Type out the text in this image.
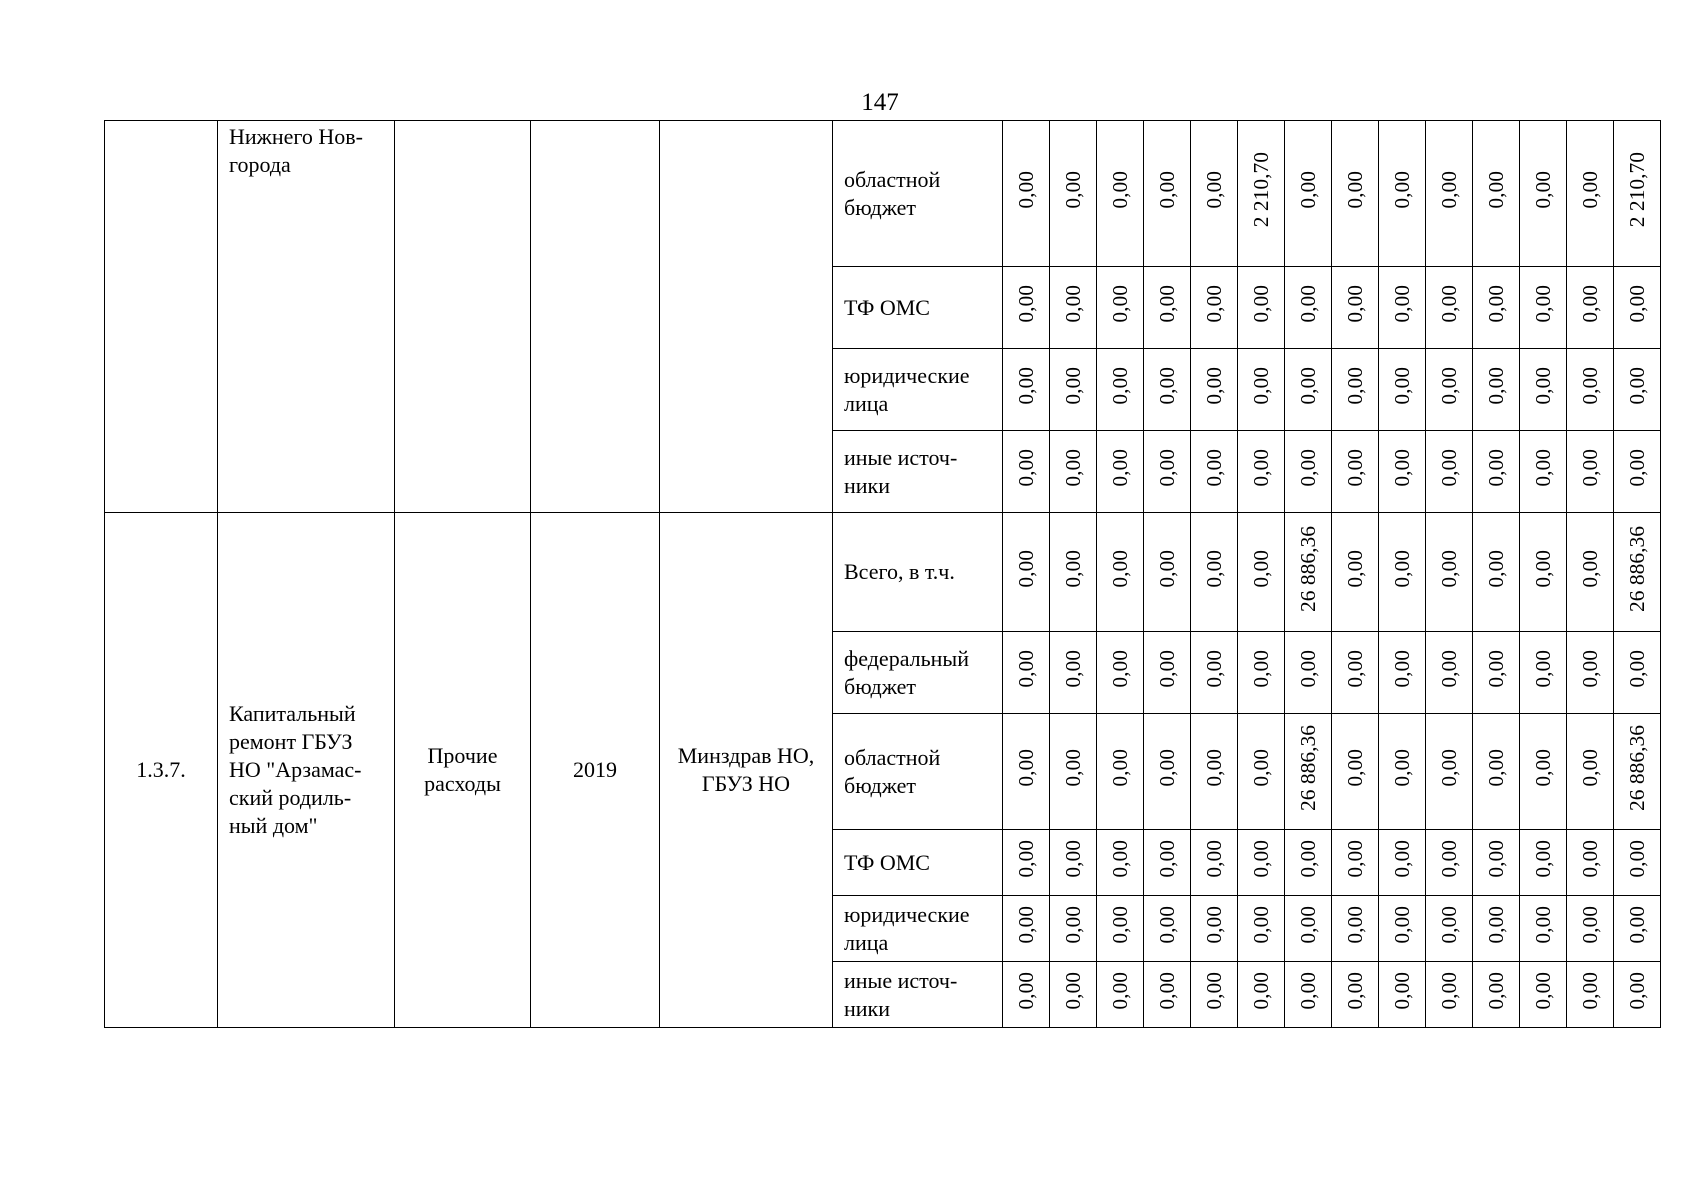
147
	Нижнего Нов-
города				областной бюджет	0,00	0,00	0,00	0,00	0,00	2 210,70	0,00	0,00	0,00	0,00	0,00	0,00	0,00	2 210,70
					ТФ ОМС	0,00	0,00	0,00	0,00	0,00	0,00	0,00	0,00	0,00	0,00	0,00	0,00	0,00	0,00
					юридические лица	0,00	0,00	0,00	0,00	0,00	0,00	0,00	0,00	0,00	0,00	0,00	0,00	0,00	0,00
					иные источ-
ники	0,00	0,00	0,00	0,00	0,00	0,00	0,00	0,00	0,00	0,00	0,00	0,00	0,00	0,00
1.3.7.	Капитальный ремонт ГБУЗ НО "Арзамас-
ский родиль-
ный дом"	Прочие расходы	2019	Минздрав НО, ГБУЗ НО	Всего, в т.ч.	0,00	0,00	0,00	0,00	0,00	0,00	26 886,36	0,00	0,00	0,00	0,00	0,00	0,00	26 886,36
					федеральный бюджет	0,00	0,00	0,00	0,00	0,00	0,00	0,00	0,00	0,00	0,00	0,00	0,00	0,00	0,00
					областной бюджет	0,00	0,00	0,00	0,00	0,00	0,00	26 886,36	0,00	0,00	0,00	0,00	0,00	0,00	26 886,36
					ТФ ОМС	0,00	0,00	0,00	0,00	0,00	0,00	0,00	0,00	0,00	0,00	0,00	0,00	0,00	0,00
					юридические лица	0,00	0,00	0,00	0,00	0,00	0,00	0,00	0,00	0,00	0,00	0,00	0,00	0,00	0,00
					иные источ-
ники	0,00	0,00	0,00	0,00	0,00	0,00	0,00	0,00	0,00	0,00	0,00	0,00	0,00	0,00
